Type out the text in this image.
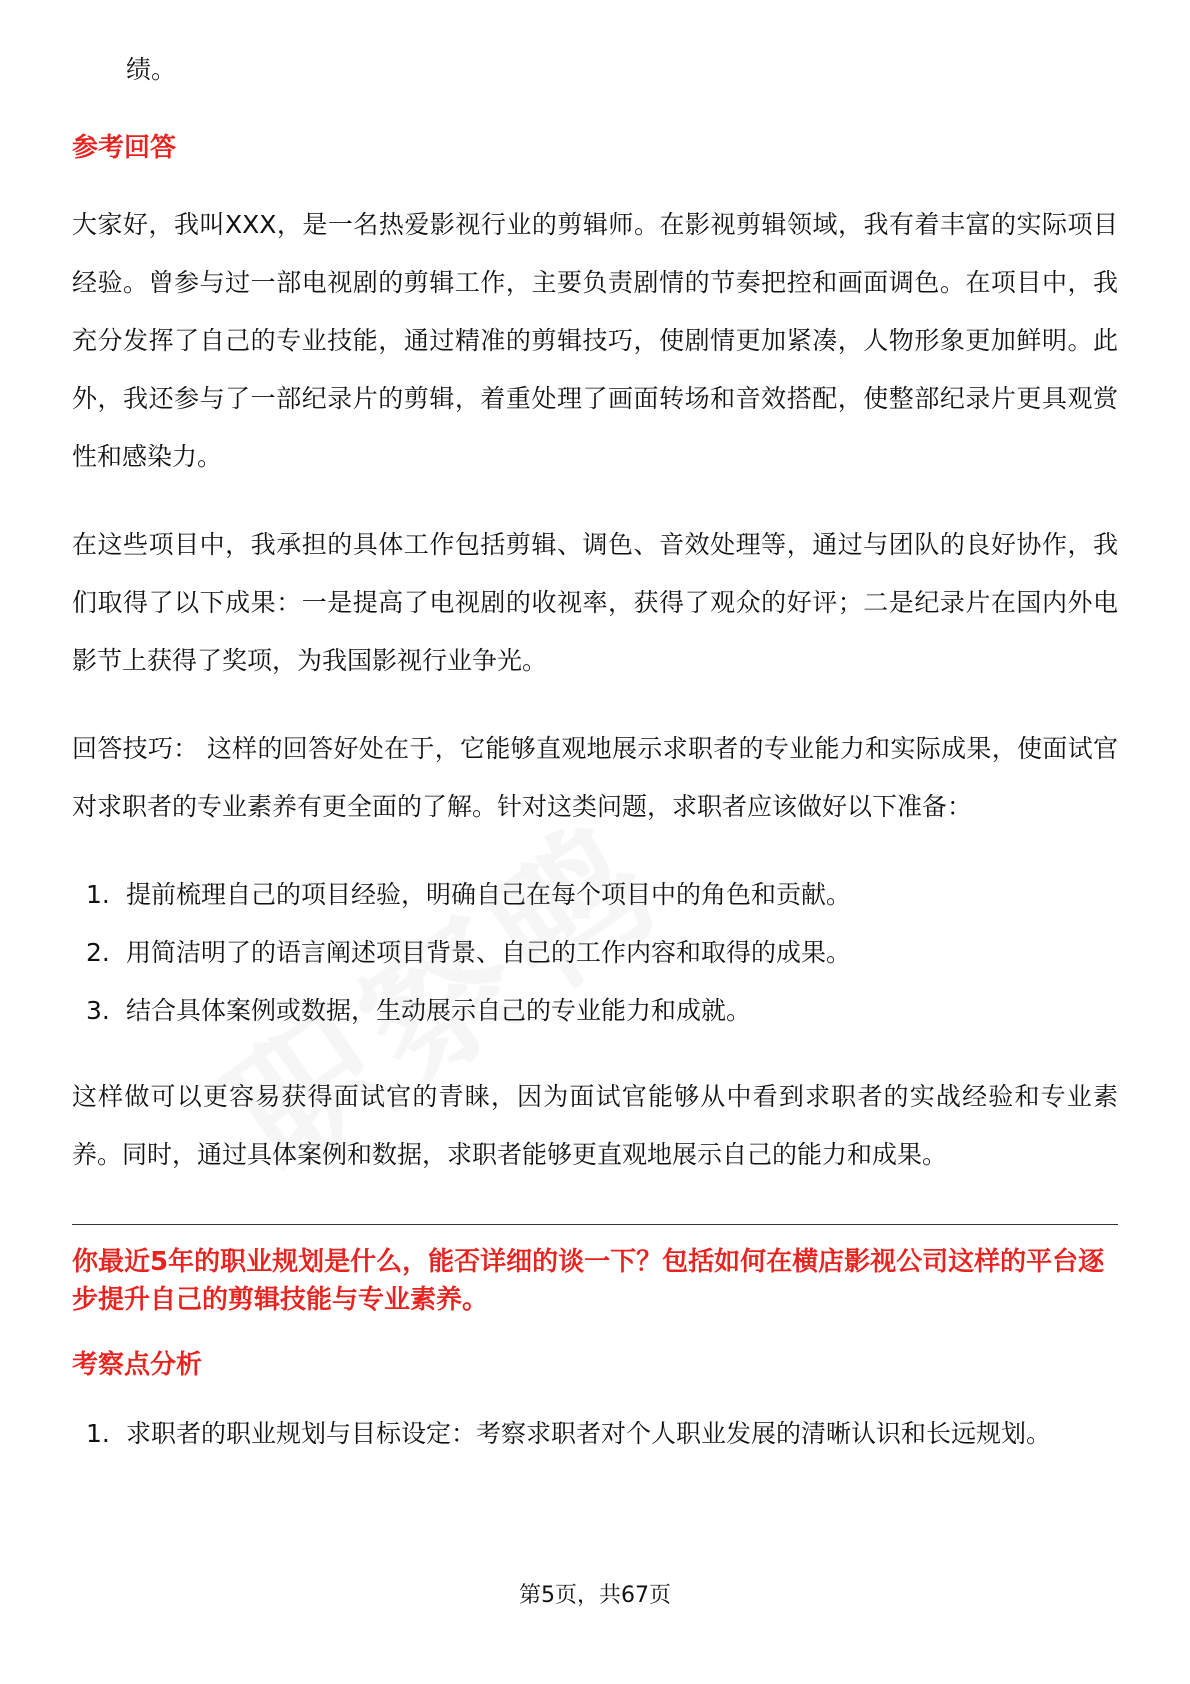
绩。
参考回答

大家好，我叫XXX，是一名热爱影视行业的剪辑师。在影视剪辑领域，我有着丰富的实际项目经验。曾参与过一部电视剧的剪辑工作，主要负责剧情的节奏把控和画面调色。在项目中，我充分发挥了自己的专业技能，通过精准的剪辑技巧，使剧情更加紧凑，人物形象更加鲜明。此外，我还参与了一部纪录片的剪辑，着重处理了画面转场和音效搭配，使整部纪录片更具观赏性和感染力。

在这些项目中，我承担的具体工作包括剪辑、调色、音效处理等，通过与团队的良好协作，我们取得了以下成果：一是提高了电视剧的收视率，获得了观众的好评；二是纪录片在国内外电影节上获得了奖项，为我国影视行业争光。

回答技巧： 这样的回答好处在于，它能够直观地展示求职者的专业能力和实际成果，使面试官对求职者的专业素养有更全面的了解。针对这类问题，求职者应该做好以下准备：

1. 提前梳理自己的项目经验，明确自己在每个项目中的角色和贡献。
2. 用简洁明了的语言阐述项目背景、自己的工作内容和取得的成果。
3. 结合具体案例或数据，生动展示自己的专业能力和成就。

这样做可以更容易获得面试官的青睐，因为面试官能够从中看到求职者的实战经验和专业素养。同时，通过具体案例和数据，求职者能够更直观地展示自己的能力和成果。

你最近5年的职业规划是什么，能否详细的谈一下？包括如何在横店影视公司这样的平台逐步提升自己的剪辑技能与专业素养。
考察点分析
1. 求职者的职业规划与目标设定：考察求职者对个人职业发展的清晰认识和长远规划。
第5页，共67页
